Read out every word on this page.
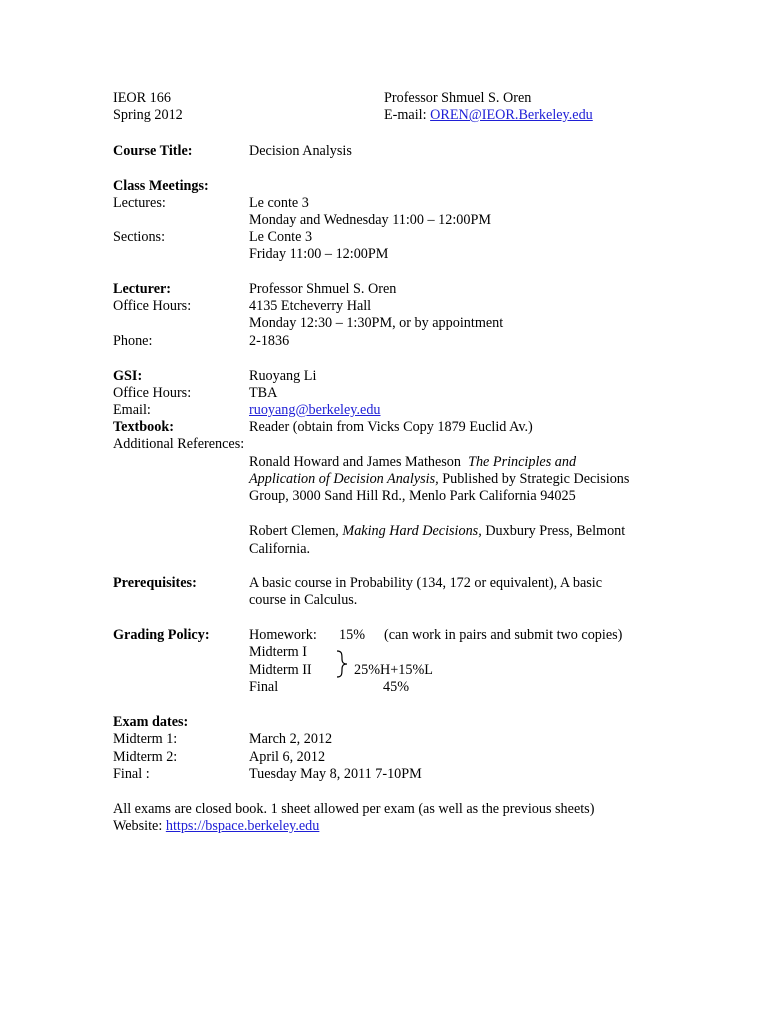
IEOR 166	Professor Shmuel S. Oren
Spring 2012	E-mail: OREN@IEOR.Berkeley.edu
Course Title:	Decision Analysis
Class Meetings:
Lectures:	Le conte 3
Monday and Wednesday 11:00 – 12:00PM
Sections:	Le Conte 3
Friday 11:00 – 12:00PM
Lecturer:	Professor Shmuel S. Oren
Office Hours:	4135 Etcheverry Hall
Monday 12:30 – 1:30PM, or by appointment
Phone:	2-1836
GSI:	Ruoyang Li
Office Hours:	TBA
Email:	ruoyang@berkeley.edu
Textbook:	Reader (obtain from Vicks Copy 1879 Euclid Av.)
Additional References:
Ronald Howard and James Matheson The Principles and
Application of Decision Analysis, Published by Strategic Decisions
Group, 3000 Sand Hill Rd., Menlo Park California 94025
Robert Clemen, Making Hard Decisions, Duxbury Press, Belmont
California.
Prerequisites:	A basic course in Probability (134, 172 or equivalent), A basic
course in Calculus.
Grading Policy:	Homework: 15% (can work in pairs and submit two copies)
Midterm I
Midterm II	25%H+15%L
Final	45%
Exam dates:
Midterm 1:	March 2, 2012
Midterm 2:	April 6, 2012
Final :	Tuesday May 8, 2011 7-10PM
All exams are closed book. 1 sheet allowed per exam (as well as the previous sheets)
Website: https://bspace.berkeley.edu
